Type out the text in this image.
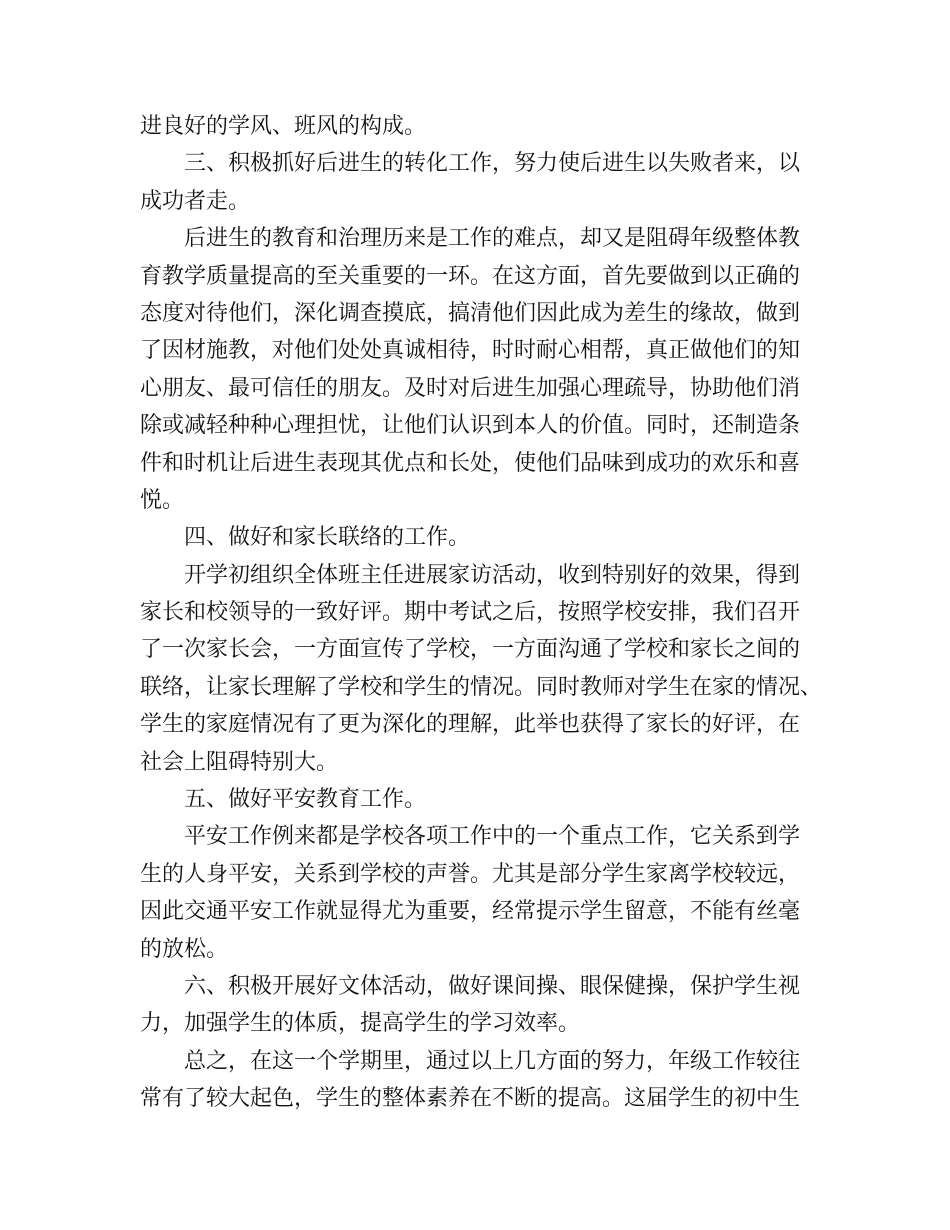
进良好的学风、班风的构成。
三、积极抓好后进生的转化工作，努力使后进生以失败者来，以
成功者走。
后进生的教育和治理历来是工作的难点，却又是阻碍年级整体教
育教学质量提高的至关重要的一环。在这方面，首先要做到以正确的
态度对待他们，深化调查摸底，搞清他们因此成为差生的缘故，做到
了因材施教，对他们处处真诚相待，时时耐心相帮，真正做他们的知
心朋友、最可信任的朋友。及时对后进生加强心理疏导，协助他们消
除或减轻种种心理担忧，让他们认识到本人的价值。同时，还制造条
件和时机让后进生表现其优点和长处，使他们品味到成功的欢乐和喜
悦。
四、做好和家长联络的工作。
开学初组织全体班主任进展家访活动，收到特别好的效果，得到
家长和校领导的一致好评。期中考试之后，按照学校安排，我们召开
了一次家长会，一方面宣传了学校，一方面沟通了学校和家长之间的
联络，让家长理解了学校和学生的情况。同时教师对学生在家的情况、
学生的家庭情况有了更为深化的理解，此举也获得了家长的好评，在
社会上阻碍特别大。
五、做好平安教育工作。
平安工作例来都是学校各项工作中的一个重点工作，它关系到学
生的人身平安，关系到学校的声誉。尤其是部分学生家离学校较远，
因此交通平安工作就显得尤为重要，经常提示学生留意，不能有丝毫
的放松。
六、积极开展好文体活动，做好课间操、眼保健操，保护学生视
力，加强学生的体质，提高学生的学习效率。
总之，在这一个学期里，通过以上几方面的努力，年级工作较往
常有了较大起色，学生的整体素养在不断的提高。这届学生的初中生
